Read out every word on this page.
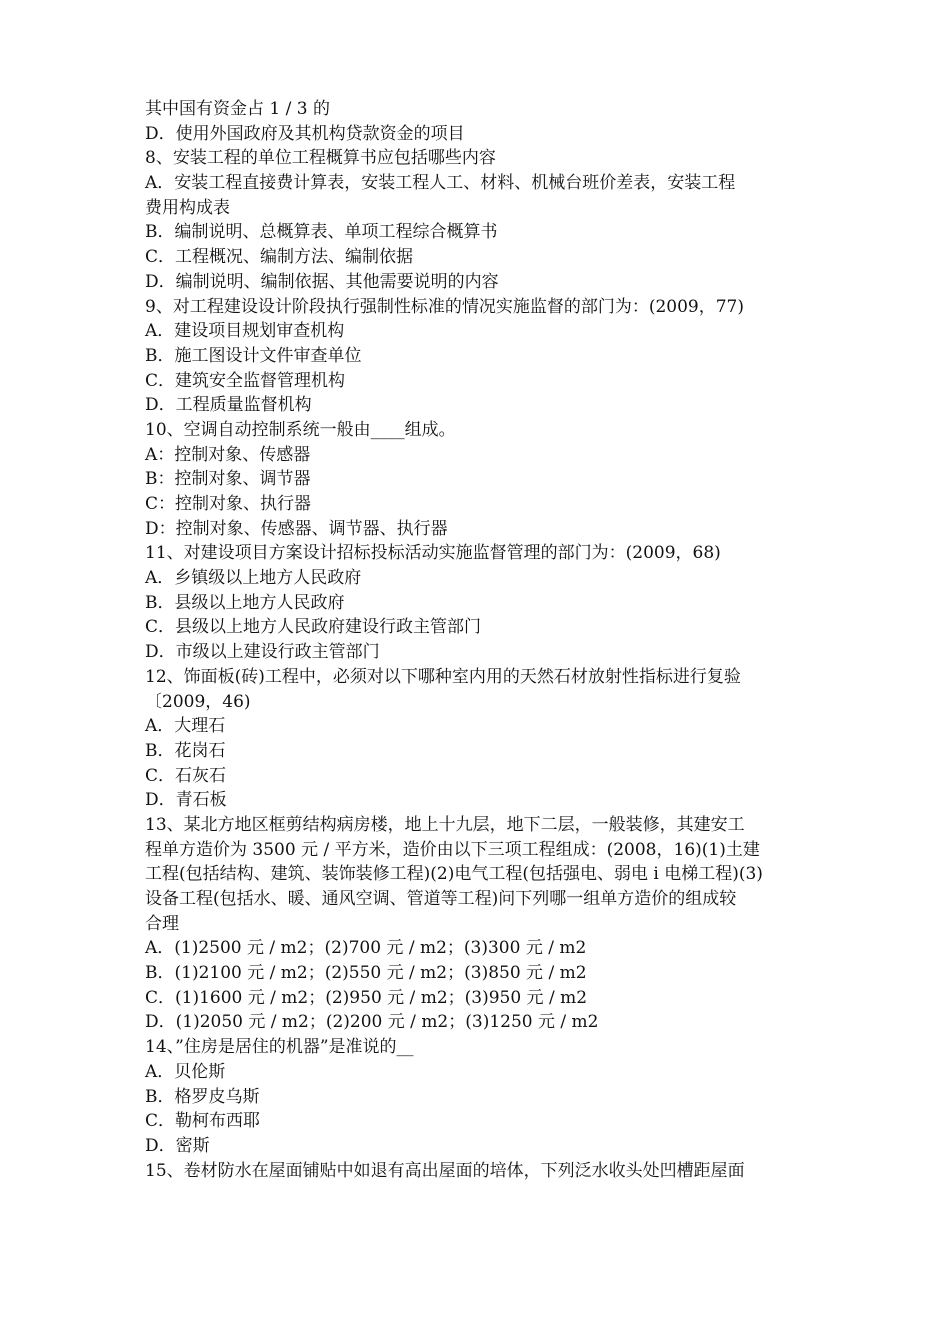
其中国有资金占 1 / 3 的
D．使用外国政府及其机构贷款资金的项目
8、安装工程的单位工程概算书应包括哪些内容
A．安装工程直接费计算表，安装工程人工、材料、机械台班价差表，安装工程
费用构成表
B．编制说明、总概算表、单项工程综合概算书
C．工程概况、编制方法、编制依据
D．编制说明、编制依据、其他需要说明的内容
9、对工程建设设计阶段执行强制性标准的情况实施监督的部门为：(2009，77)
A．建设项目规划审查机构
B．施工图设计文件审查单位
C．建筑安全监督管理机构
D．工程质量监督机构
10、空调自动控制系统一般由____组成。
A：控制对象、传感器
B：控制对象、调节器
C：控制对象、执行器
D：控制对象、传感器、调节器、执行器
11、对建设项目方案设计招标投标活动实施监督管理的部门为：(2009，68)
A．乡镇级以上地方人民政府
B．县级以上地方人民政府
C．县级以上地方人民政府建设行政主管部门
D．市级以上建设行政主管部门
12、饰面板(砖)工程中，必须对以下哪种室内用的天然石材放射性指标进行复验
〔2009，46)
A．大理石
B．花岗石
C．石灰石
D．青石板
13、某北方地区框剪结构病房楼，地上十九层，地下二层，一般装修，其建安工
程单方造价为 3500 元 / 平方米，造价由以下三项工程组成：(2008，16)(1)土建
工程(包括结构、建筑、装饰装修工程)(2)电气工程(包括强电、弱电 i 电梯工程)(3)
设备工程(包括水、暖、通风空调、管道等工程)问下列哪一组单方造价的组成较
合理
A．(1)2500 元 / m2；(2)700 元 / m2；(3)300 元 / m2
B．(1)2100 元 / m2；(2)550 元 / m2；(3)850 元 / m2
C．(1)1600 元 / m2；(2)950 元 / m2；(3)950 元 / m2
D．(1)2050 元 / m2；(2)200 元 / m2；(3)1250 元 / m2
14、”住房是居住的机器”是准说的__
A．贝伦斯
B．格罗皮乌斯
C．勒柯布西耶
D．密斯
15、卷材防水在屋面铺贴中如退有高出屋面的培体，下列泛水收头处凹槽距屋面
